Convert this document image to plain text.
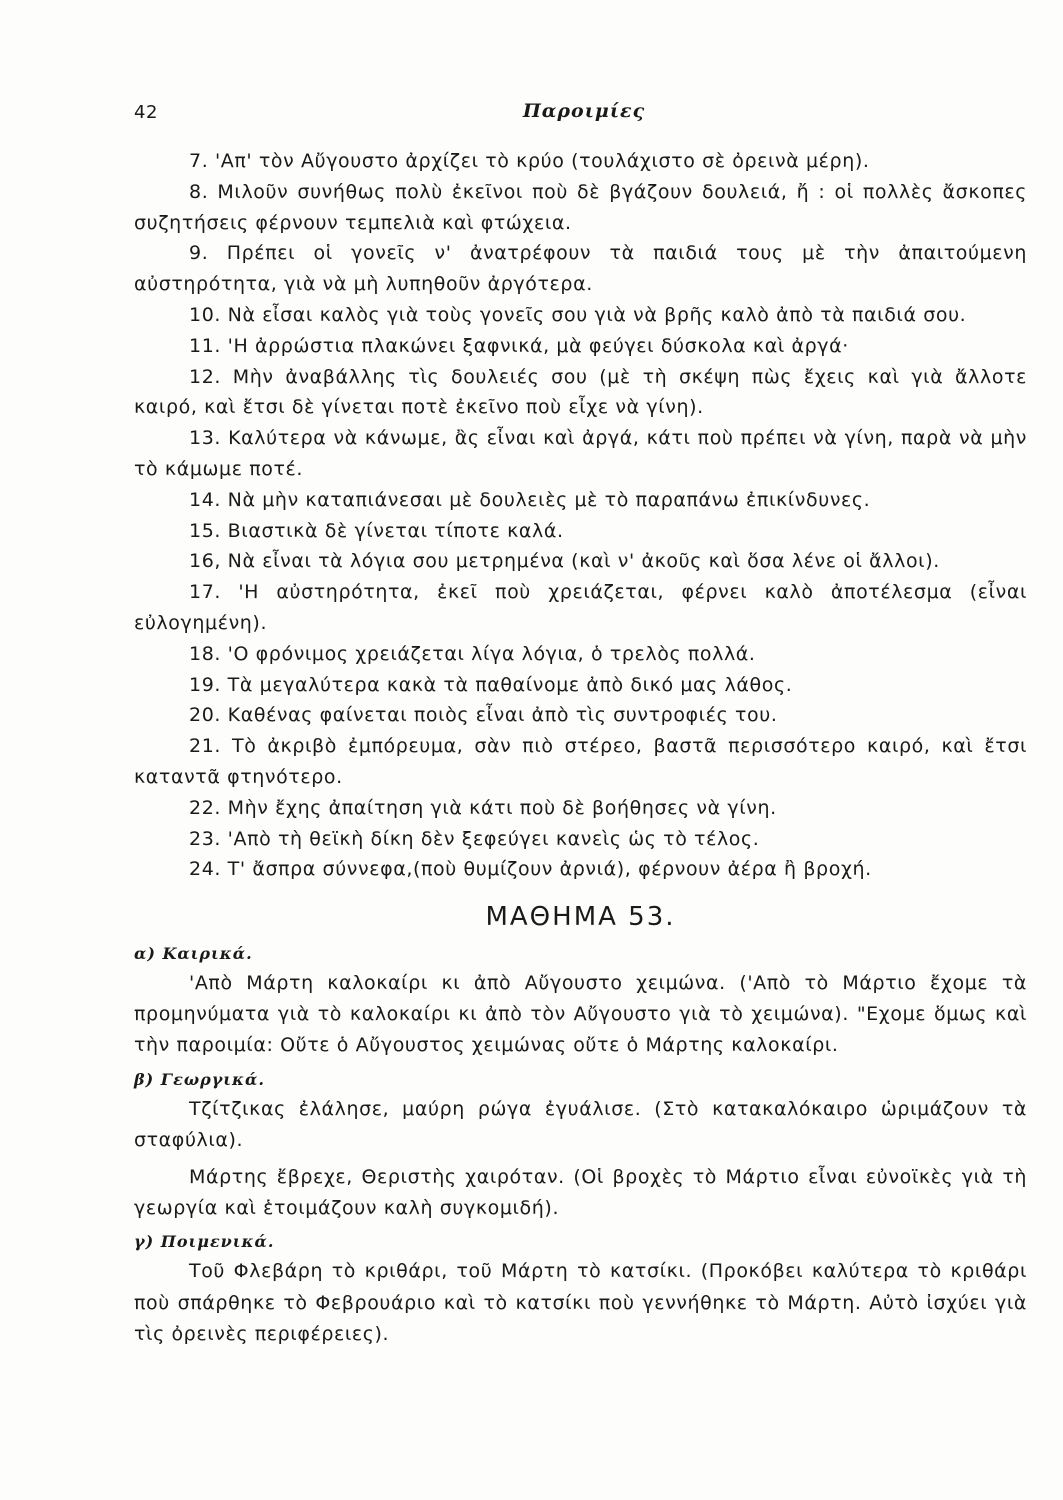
42	Παροιμίες

7. 'Απ' τὸν Αὔγουστο ἀρχίζει τὸ κρύο (τουλάχιστο σὲ ὀρεινὰ μέρη).

8. Μιλοῦν συνήθως πολὺ ἐκεῖνοι ποὺ δὲ βγάζουν δουλειά, ἤ : οἱ πολλὲς ἄσκοπες συζητήσεις φέρνουν τεμπελιὰ καὶ φτώχεια.

9. Πρέπει οἱ γονεῖς ν' ἀνατρέφουν τὰ παιδιά τους μὲ τὴν ἀπαιτούμενη αὐστηρότητα, γιὰ νὰ μὴ λυπηθοῦν ἀργότερα.

10. Νὰ εἶσαι καλὸς γιὰ τοὺς γονεῖς σου γιὰ νὰ βρῆς καλὸ ἀπὸ τὰ παιδιά σου.

11. 'Η ἀρρώστια πλακώνει ξαφνικά, μὰ φεύγει δύσκολα καὶ ἀργά·

12. Μὴν ἀναβάλλης τὶς δουλειές σου (μὲ τὴ σκέψη πὼς ἔχεις καὶ γιὰ ἄλλοτε καιρό, καὶ ἔτσι δὲ γίνεται ποτὲ ἐκεῖνο ποὺ εἶχε νὰ γίνη).

13. Καλύτερα νὰ κάνωμε, ἂς εἶναι καὶ ἀργά, κάτι ποὺ πρέπει νὰ γίνη, παρὰ νὰ μὴν τὸ κάμωμε ποτέ.

14. Νὰ μὴν καταπιάνεσαι μὲ δουλειὲς μὲ τὸ παραπάνω ἐπικίνδυνες.

15. Βιαστικὰ δὲ γίνεται τίποτε καλά.

16, Νὰ εἶναι τὰ λόγια σου μετρημένα (καὶ ν' ἀκοῦς καὶ ὅσα λένε οἱ ἄλλοι).

17. 'Η αὐστηρότητα, ἐκεῖ ποὺ χρειάζεται, φέρνει καλὸ ἀποτέλεσμα (εἶναι εὐλογημένη).

18. 'Ο φρόνιμος χρειάζεται λίγα λόγια, ὁ τρελὸς πολλά.

19. Τὰ μεγαλύτερα κακὰ τὰ παθαίνομε ἀπὸ δικό μας λάθος.

20. Καθένας φαίνεται ποιὸς εἶναι ἀπὸ τὶς συντροφιές του.

21. Τὸ ἀκριβὸ ἐμπόρευμα, σὰν πιὸ στέρεο, βαστᾶ περισσότερο καιρό, καὶ ἔτσι καταντᾶ φτηνότερο.

22. Μὴν ἔχης ἀπαίτηση γιὰ κάτι ποὺ δὲ βοήθησες νὰ γίνη.

23. 'Απὸ τὴ θεϊκὴ δίκη δὲν ξεφεύγει κανεὶς ὡς τὸ τέλος.

24. Τ' ἄσπρα σύννεφα,(ποὺ θυμίζουν ἀρνιά), φέρνουν ἀέρα ἢ βροχή.

ΜΑΘΗΜΑ 53.

α) Καιρικά.

'Απὸ Μάρτη καλοκαίρι κι ἀπὸ Αὔγουστο χειμώνα. ('Απὸ τὸ Μάρτιο ἔχομε τὰ προμηνύματα γιὰ τὸ καλοκαίρι κι ἀπὸ τὸν Αὔγουστο γιὰ τὸ χειμώνα). "Εχομε ὅμως καὶ τὴν παροιμία: Οὔτε ὁ Αὔγουστος χειμώνας οὔτε ὁ Μάρτης καλοκαίρι.

β) Γεωργικά.

Τζίτζικας ἐλάλησε, μαύρη ρώγα ἐγυάλισε. (Στὸ κατακαλόκαιρο ὡριμάζουν τὰ σταφύλια).

Μάρτης ἔβρεχε, Θεριστὴς χαιρόταν. (Οἱ βροχὲς τὸ Μάρτιο εἶναι εὐνοϊκὲς γιὰ τὴ γεωργία καὶ ἑτοιμάζουν καλὴ συγκομιδή).

γ) Ποιμενικά.

Τοῦ Φλεβάρη τὸ κριθάρι, τοῦ Μάρτη τὸ κατσίκι. (Προκόβει καλύτερα τὸ κριθάρι ποὺ σπάρθηκε τὸ Φεβρουάριο καὶ τὸ κατσίκι ποὺ γεννήθηκε τὸ Μάρτη. Αὐτὸ ἰσχύει γιὰ τὶς ὀρεινὲς περιφέρειες).
